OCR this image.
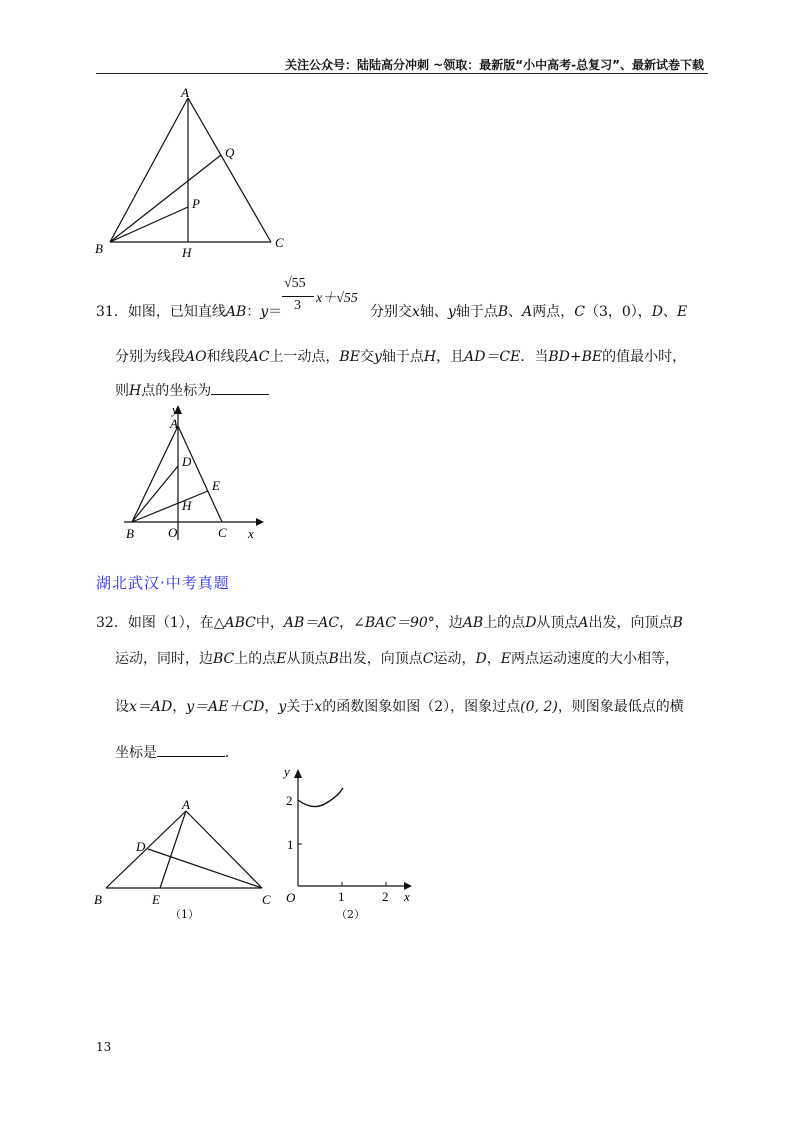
关注公众号：陆陆高分冲刺 ~领取：最新版“小中高考-总复习”、最新试卷下载
A
Q
P
B	H
C
31．如图，已知直线AB：y＝
√55
3 x＋√55
分别交x轴、y轴于点B、A两点，C（3，0），D、E
分别为线段AO和线段AC上一动点，BE交y轴于点H，且AD＝CE．当BD+BE的值最小时，
则H点的坐标为
y
A
D
E
H
B	O	C x
湖北武汉·中考真题
32．如图（1），在△ABC中，AB＝AC，∠BAC＝90°，边AB上的点D从顶点A出发，向顶点B
运动，同时，边BC上的点E从顶点B出发，向顶点C运动，D，E两点运动速度的大小相等，
设x＝AD，y＝AE＋CD，y关于x的函数图象如图（2），图象过点(0, 2)，则图象最低点的横
坐标是	．
A
D
B	E	C
（1）
y
2
1
O	1	2 x
（2）
13
